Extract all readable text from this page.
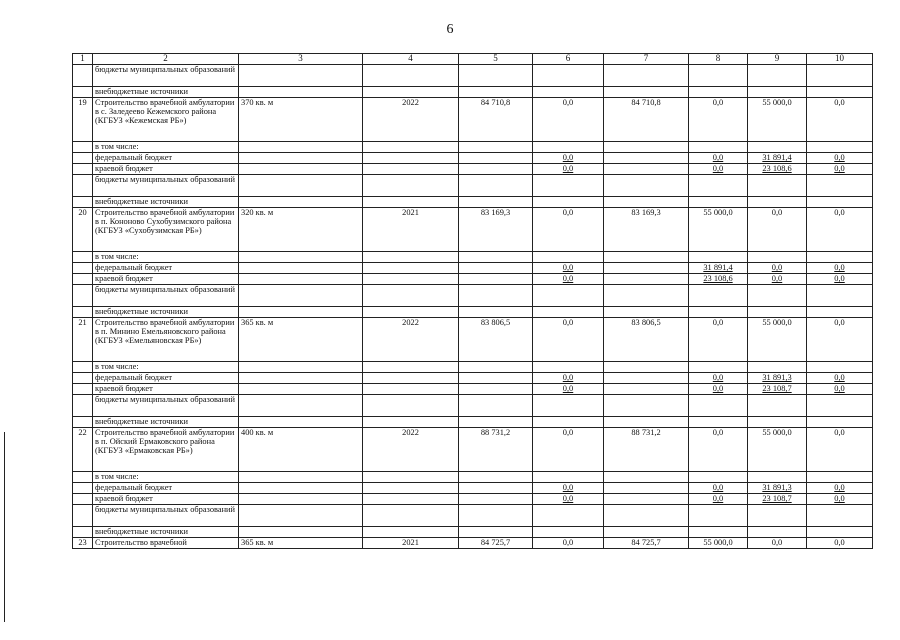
6
1	2	3	4	5	6	7	8	9	10
	бюджеты муниципальных образований								
	внебюджетные источники								
19	Строительство врачебной амбулатории в с. Заледеево Кежемского района (КГБУЗ «Кежемская РБ»)	370 кв. м	2022	84 710,8	0,0	84 710,8	0,0	55 000,0	0,0
	в том числе:								
	федеральный бюджет				0,0		0,0	31 891,4	0,0
	краевой бюджет				0,0		0,0	23 108,6	0,0
	бюджеты муниципальных образований								
	внебюджетные источники								
20	Строительство врачебной амбулатории в п. Кононово Сухобузимского района (КГБУЗ «Сухобузимская РБ»)	320 кв. м	2021	83 169,3	0,0	83 169,3	55 000,0	0,0	0,0
	в том числе:								
	федеральный бюджет				0,0		31 891,4	0,0	0,0
	краевой бюджет				0,0		23 108,6	0,0	0,0
	бюджеты муниципальных образований								
	внебюджетные источники								
21	Строительство врачебной амбулатории в п. Минино Емельяновского района (КГБУЗ «Емельяновская РБ»)	365 кв. м	2022	83 806,5	0,0	83 806,5	0,0	55 000,0	0,0
	в том числе:								
	федеральный бюджет				0,0		0,0	31 891,3	0,0
	краевой бюджет				0,0		0,0	23 108,7	0,0
	бюджеты муниципальных образований								
	внебюджетные источники								
22	Строительство врачебной амбулатории в п. Ойский Ермаковского района (КГБУЗ «Ермаковская РБ»)	400 кв. м	2022	88 731,2	0,0	88 731,2	0,0	55 000,0	0,0
	в том числе:								
	федеральный бюджет				0,0		0,0	31 891,3	0,0
	краевой бюджет				0,0		0,0	23 108,7	0,0
	бюджеты муниципальных образований								
	внебюджетные источники								
23	Строительство врачебной	365 кв. м	2021	84 725,7	0,0	84 725,7	55 000,0	0,0	0,0
